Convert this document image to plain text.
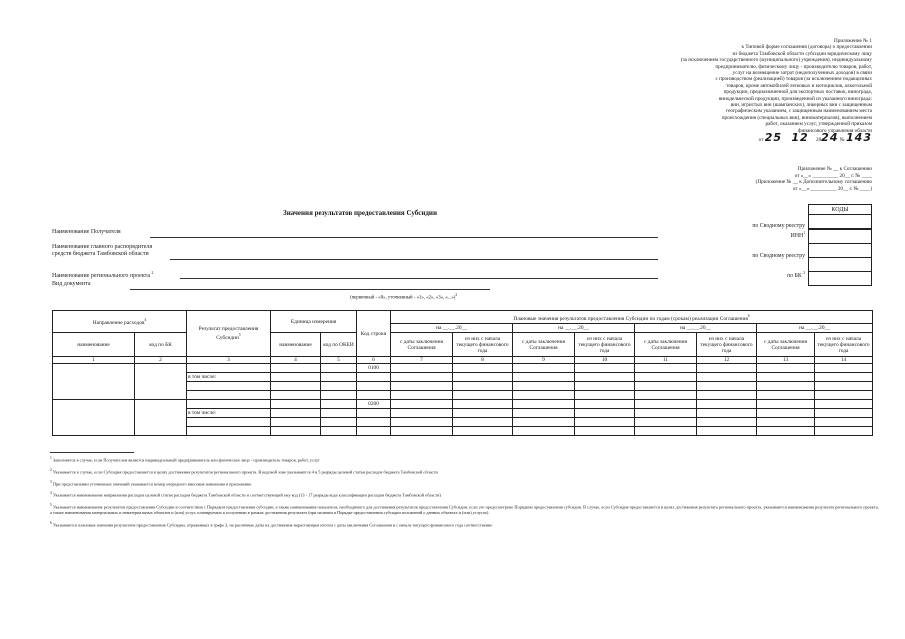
Приложение № 1
к Типовой форме соглашения (договора) о предоставлении
из бюджета Тамбовской области субсидии юридическому лицу
(за исключением государственного (муниципального) учреждения), индивидуальному
предпринимателю, физическому лицу - производителю товаров, работ,
услуг на возмещение затрат (недополученных доходов) в связи
с производством (реализацией) товаров (за исключением подакцизных
товаров, кроме автомобилей легковых и мотоциклов, алкогольной
продукции, предназначенной для экспортных поставок, винограда,
винодельческой продукции, произведенной из указанного винограда:
вин, игристых вин (шампанских), ликерных вин с защищенным
географическим указанием, с защищенным наименованием места
происхождения (специальных вин), виноматериалов), выполнением
работ, оказанием услуг, утвержденной приказом
финансового управления области
от 25 12 2024 № 143
Приложение № __ к Соглашению
от «__» __________ 20__ г. № ____
(Приложение № __ к Дополнительному соглашению
от «__» __________ 20__ г. № ____)
Значения результатов предоставления Субсидии
Наименование Получателя
Наименование главного распорядителя
средств бюджета Тамбовской области
Наименование регионального проекта $^2$
Вид документа
(первичный - «0», уточненный - «1», «2», «3», «...»)$^3$
по Сводному реестру
ИНН$^1$
по Сводному реестру
по БК $^2$
КОДЫ
Направление расходов$^4$		Результат предоставления Субсидии$^5$	Единица измерения		Код строки	Плановые значения результатов предоставления Субсидии по годам (срокам) реализации Соглашения$^6$
						на __.__.20__		на __.__.20__		на __.__.20__		на __.__.20__	
наименование	код по БК		наименование	код по ОКЕИ		с даты заключения Соглашения	из них с начала текущего финансового года	с даты заключения Соглашения	из них с начала текущего финансового года	с даты заключения Соглашения	из них с начала текущего финансового года	с даты заключения Соглашения	из них с начала текущего финансового года
1	2	3	4	5	6	7	8	9	10	11	12	13	14
					0100								
		в том числе:											

					0200								
		в том числе:											

$^1$ Заполняется в случае, если Получателем является индивидуальный предприниматель или физическое лицо - производитель товаров, работ, услуг
$^2$ Указывается в случае, если Субсидия предоставляется в целях достижения результатов регионального проекта. В кодовой зоне указываются 4 и 5 разряды целевой статьи расходов бюджета Тамбовской области
$^3$ При представлении уточненных значений указывается номер очередного внесения изменения в приложение
$^4$ Указывается наименование направления расходов целевой статьи расходов бюджета Тамбовской области и соответствующий ему код (13 - 17 разряды кода классификации расходов бюджета Тамбовской области)
$^5$ Указывается наименование результатов предоставления Субсидии в соответствии с Порядком предоставления субсидии, а также наименования показателя, необходимого для достижения результатов предоставления Субсидии, если это предусмотрено Порядком предоставления субсидии. В случае, если Субсидия предоставляется в целях достижения результата регионального проекта, указываются наименования результата регионального проекта, а также наименования материальных и нематериальных объектов и (или) услуг, планируемых к получению в рамках достижения результата (при наличии в Порядке предоставления субсидии положений о данных объектах и (или) услугах).
$^6$ Указываются плановые значения результатов предоставления Субсидии, отраженных в графе 3, на различные даты их достижения нарастающим итогом с даты заключения Соглашения и с начала текущего финансового года соответственно
